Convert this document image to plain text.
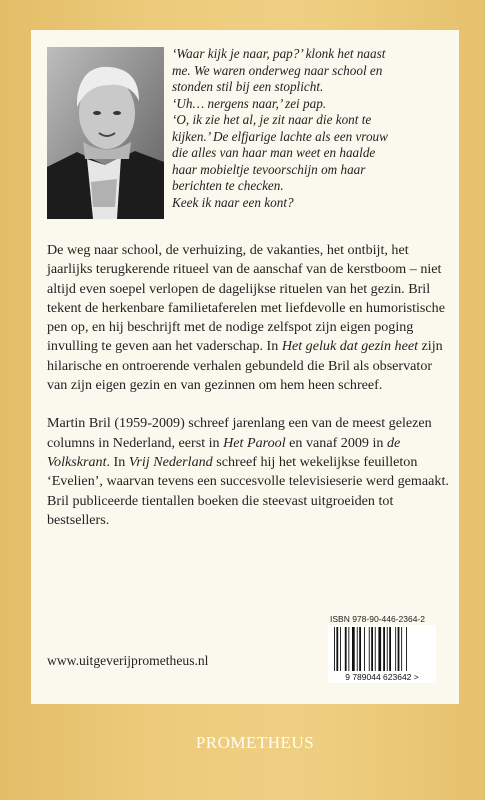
‘Waar kijk je naar, pap?’ klonk het naast

me. We waren onderweg naar school en

stonden stil bij een stoplicht.

‘Uh… nergens naar,’ zei pap.

‘O, ik zie het al, je zit naar die kont te

kijken.’ De elfjarige lachte als een vrouw

die alles van haar man weet en haalde

haar mobieltje tevoorschijn om haar

berichten te checken.

Keek ik naar een kont?

De weg naar school, de verhuizing, de vakanties, het ontbijt, het jaarlijks terugkerende ritueel van de aanschaf van de kerstboom – niet altijd even soepel verlopen de dagelijkse rituelen van het gezin. Bril tekent de herkenbare familietaferelen met liefdevolle en humoristische pen op, en hij beschrijft met de nodige zelfspot zijn eigen poging invulling te geven aan het vaderschap. In Het geluk dat gezin heet zijn hilarische en ontroerende verhalen gebundeld die Bril als observator van zijn eigen gezin en van gezinnen om hem heen schreef.

Martin Bril (1959-2009) schreef jarenlang een van de meest gelezen columns in Nederland, eerst in Het Parool en vanaf 2009 in de Volkskrant. In Vrij Nederland schreef hij het wekelijkse feuilleton ‘Evelien’, waarvan tevens een succesvolle televisieserie werd gemaakt. Bril publiceerde tientallen boeken die steevast uitgroeiden tot bestsellers.

ISBN 978-90-446-2364-2
9 789044 623642 >
www.uitgeverijprometheus.nl
PROMETHEUS
